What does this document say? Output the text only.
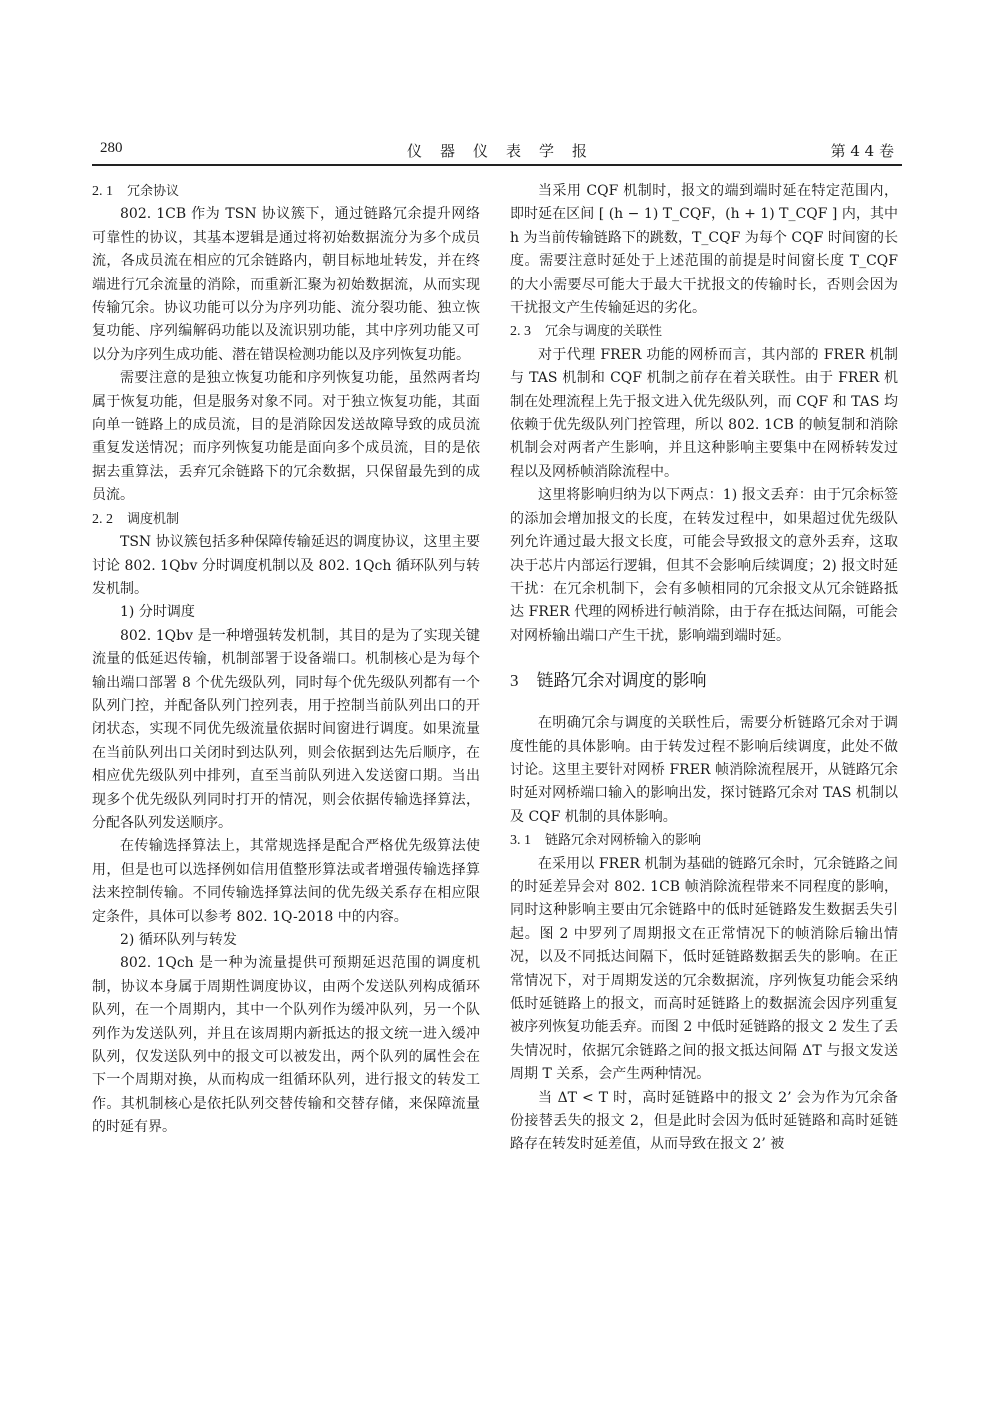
280	仪器仪表学报	第 4 4 卷
2. 1 冗余协议

802. 1CB 作为 TSN 协议簇下，通过链路冗余提升网络可靠性的协议，其基本逻辑是通过将初始数据流分为多个成员流，各成员流在相应的冗余链路内，朝目标地址转发，并在终端进行冗余流量的消除，而重新汇聚为初始数据流，从而实现传输冗余。协议功能可以分为序列功能、流分裂功能、独立恢复功能、序列编解码功能以及流识别功能，其中序列功能又可以分为序列生成功能、潜在错误检测功能以及序列恢复功能。

需要注意的是独立恢复功能和序列恢复功能，虽然两者均属于恢复功能，但是服务对象不同。对于独立恢复功能，其面向单一链路上的成员流，目的是消除因发送故障导致的成员流重复发送情况；而序列恢复功能是面向多个成员流，目的是依据去重算法，丢弃冗余链路下的冗余数据，只保留最先到的成员流。

2. 2 调度机制

TSN 协议簇包括多种保障传输延迟的调度协议，这里主要讨论 802. 1Qbv 分时调度机制以及 802. 1Qch 循环队列与转发机制。

1) 分时调度

802. 1Qbv 是一种增强转发机制，其目的是为了实现关键流量的低延迟传输，机制部署于设备端口。机制核心是为每个输出端口部署 8 个优先级队列，同时每个优先级队列都有一个队列门控，并配备队列门控列表，用于控制当前队列出口的开闭状态，实现不同优先级流量依据时间窗进行调度。如果流量在当前队列出口关闭时到达队列，则会依据到达先后顺序，在相应优先级队列中排列，直至当前队列进入发送窗口期。当出现多个优先级队列同时打开的情况，则会依据传输选择算法，分配各队列发送顺序。

在传输选择算法上，其常规选择是配合严格优先级算法使用，但是也可以选择例如信用值整形算法或者增强传输选择算法来控制传输。不同传输选择算法间的优先级关系存在相应限定条件，具体可以参考 802. 1Q-2018 中的内容。

2) 循环队列与转发

802. 1Qch 是一种为流量提供可预期延迟范围的调度机制，协议本身属于周期性调度协议，由两个发送队列构成循环队列，在一个周期内，其中一个队列作为缓冲队列，另一个队列作为发送队列，并且在该周期内新抵达的报文统一进入缓冲队列，仅发送队列中的报文可以被发出，两个队列的属性会在下一个周期对换，从而构成一组循环队列，进行报文的转发工作。其机制核心是依托队列交替传输和交替存储，来保障流量的时延有界。

当采用 CQF 机制时，报文的端到端时延在特定范围内，即时延在区间 [ (h − 1) T_CQF，(h + 1) T_CQF ] 内，其中 h 为当前传输链路下的跳数，T_CQF 为每个 CQF 时间窗的长度。需要注意时延处于上述范围的前提是时间窗长度 T_CQF 的大小需要尽可能大于最大干扰报文的传输时长，否则会因为干扰报文产生传输延迟的劣化。

2. 3 冗余与调度的关联性

对于代理 FRER 功能的网桥而言，其内部的 FRER 机制与 TAS 机制和 CQF 机制之前存在着关联性。由于 FRER 机制在处理流程上先于报文进入优先级队列，而 CQF 和 TAS 均依赖于优先级队列门控管理，所以 802. 1CB 的帧复制和消除机制会对两者产生影响，并且这种影响主要集中在网桥转发过程以及网桥帧消除流程中。

这里将影响归纳为以下两点：1) 报文丢弃：由于冗余标签的添加会增加报文的长度，在转发过程中，如果超过优先级队列允许通过最大报文长度，可能会导致报文的意外丢弃，这取决于芯片内部运行逻辑，但其不会影响后续调度；2) 报文时延干扰：在冗余机制下，会有多帧相同的冗余报文从冗余链路抵达 FRER 代理的网桥进行帧消除，由于存在抵达间隔，可能会对网桥输出端口产生干扰，影响端到端时延。

3 链路冗余对调度的影响

在明确冗余与调度的关联性后，需要分析链路冗余对于调度性能的具体影响。由于转发过程不影响后续调度，此处不做讨论。这里主要针对网桥 FRER 帧消除流程展开，从链路冗余时延对网桥端口输入的影响出发，探讨链路冗余对 TAS 机制以及 CQF 机制的具体影响。

3. 1 链路冗余对网桥输入的影响

在采用以 FRER 机制为基础的链路冗余时，冗余链路之间的时延差异会对 802. 1CB 帧消除流程带来不同程度的影响，同时这种影响主要由冗余链路中的低时延链路发生数据丢失引起。图 2 中罗列了周期报文在正常情况下的帧消除后输出情况，以及不同抵达间隔下，低时延链路数据丢失的影响。在正常情况下，对于周期发送的冗余数据流，序列恢复功能会采纳低时延链路上的报文，而高时延链路上的数据流会因序列重复被序列恢复功能丢弃。而图 2 中低时延链路的报文 2 发生了丢失情况时，依据冗余链路之间的报文抵达间隔 ΔT 与报文发送周期 T 关系，会产生两种情况。

当 ΔT < T 时，高时延链路中的报文 2’ 会为作为冗余备份接替丢失的报文 2，但是此时会因为低时延链路和高时延链路存在转发时延差值，从而导致在报文 2’ 被
